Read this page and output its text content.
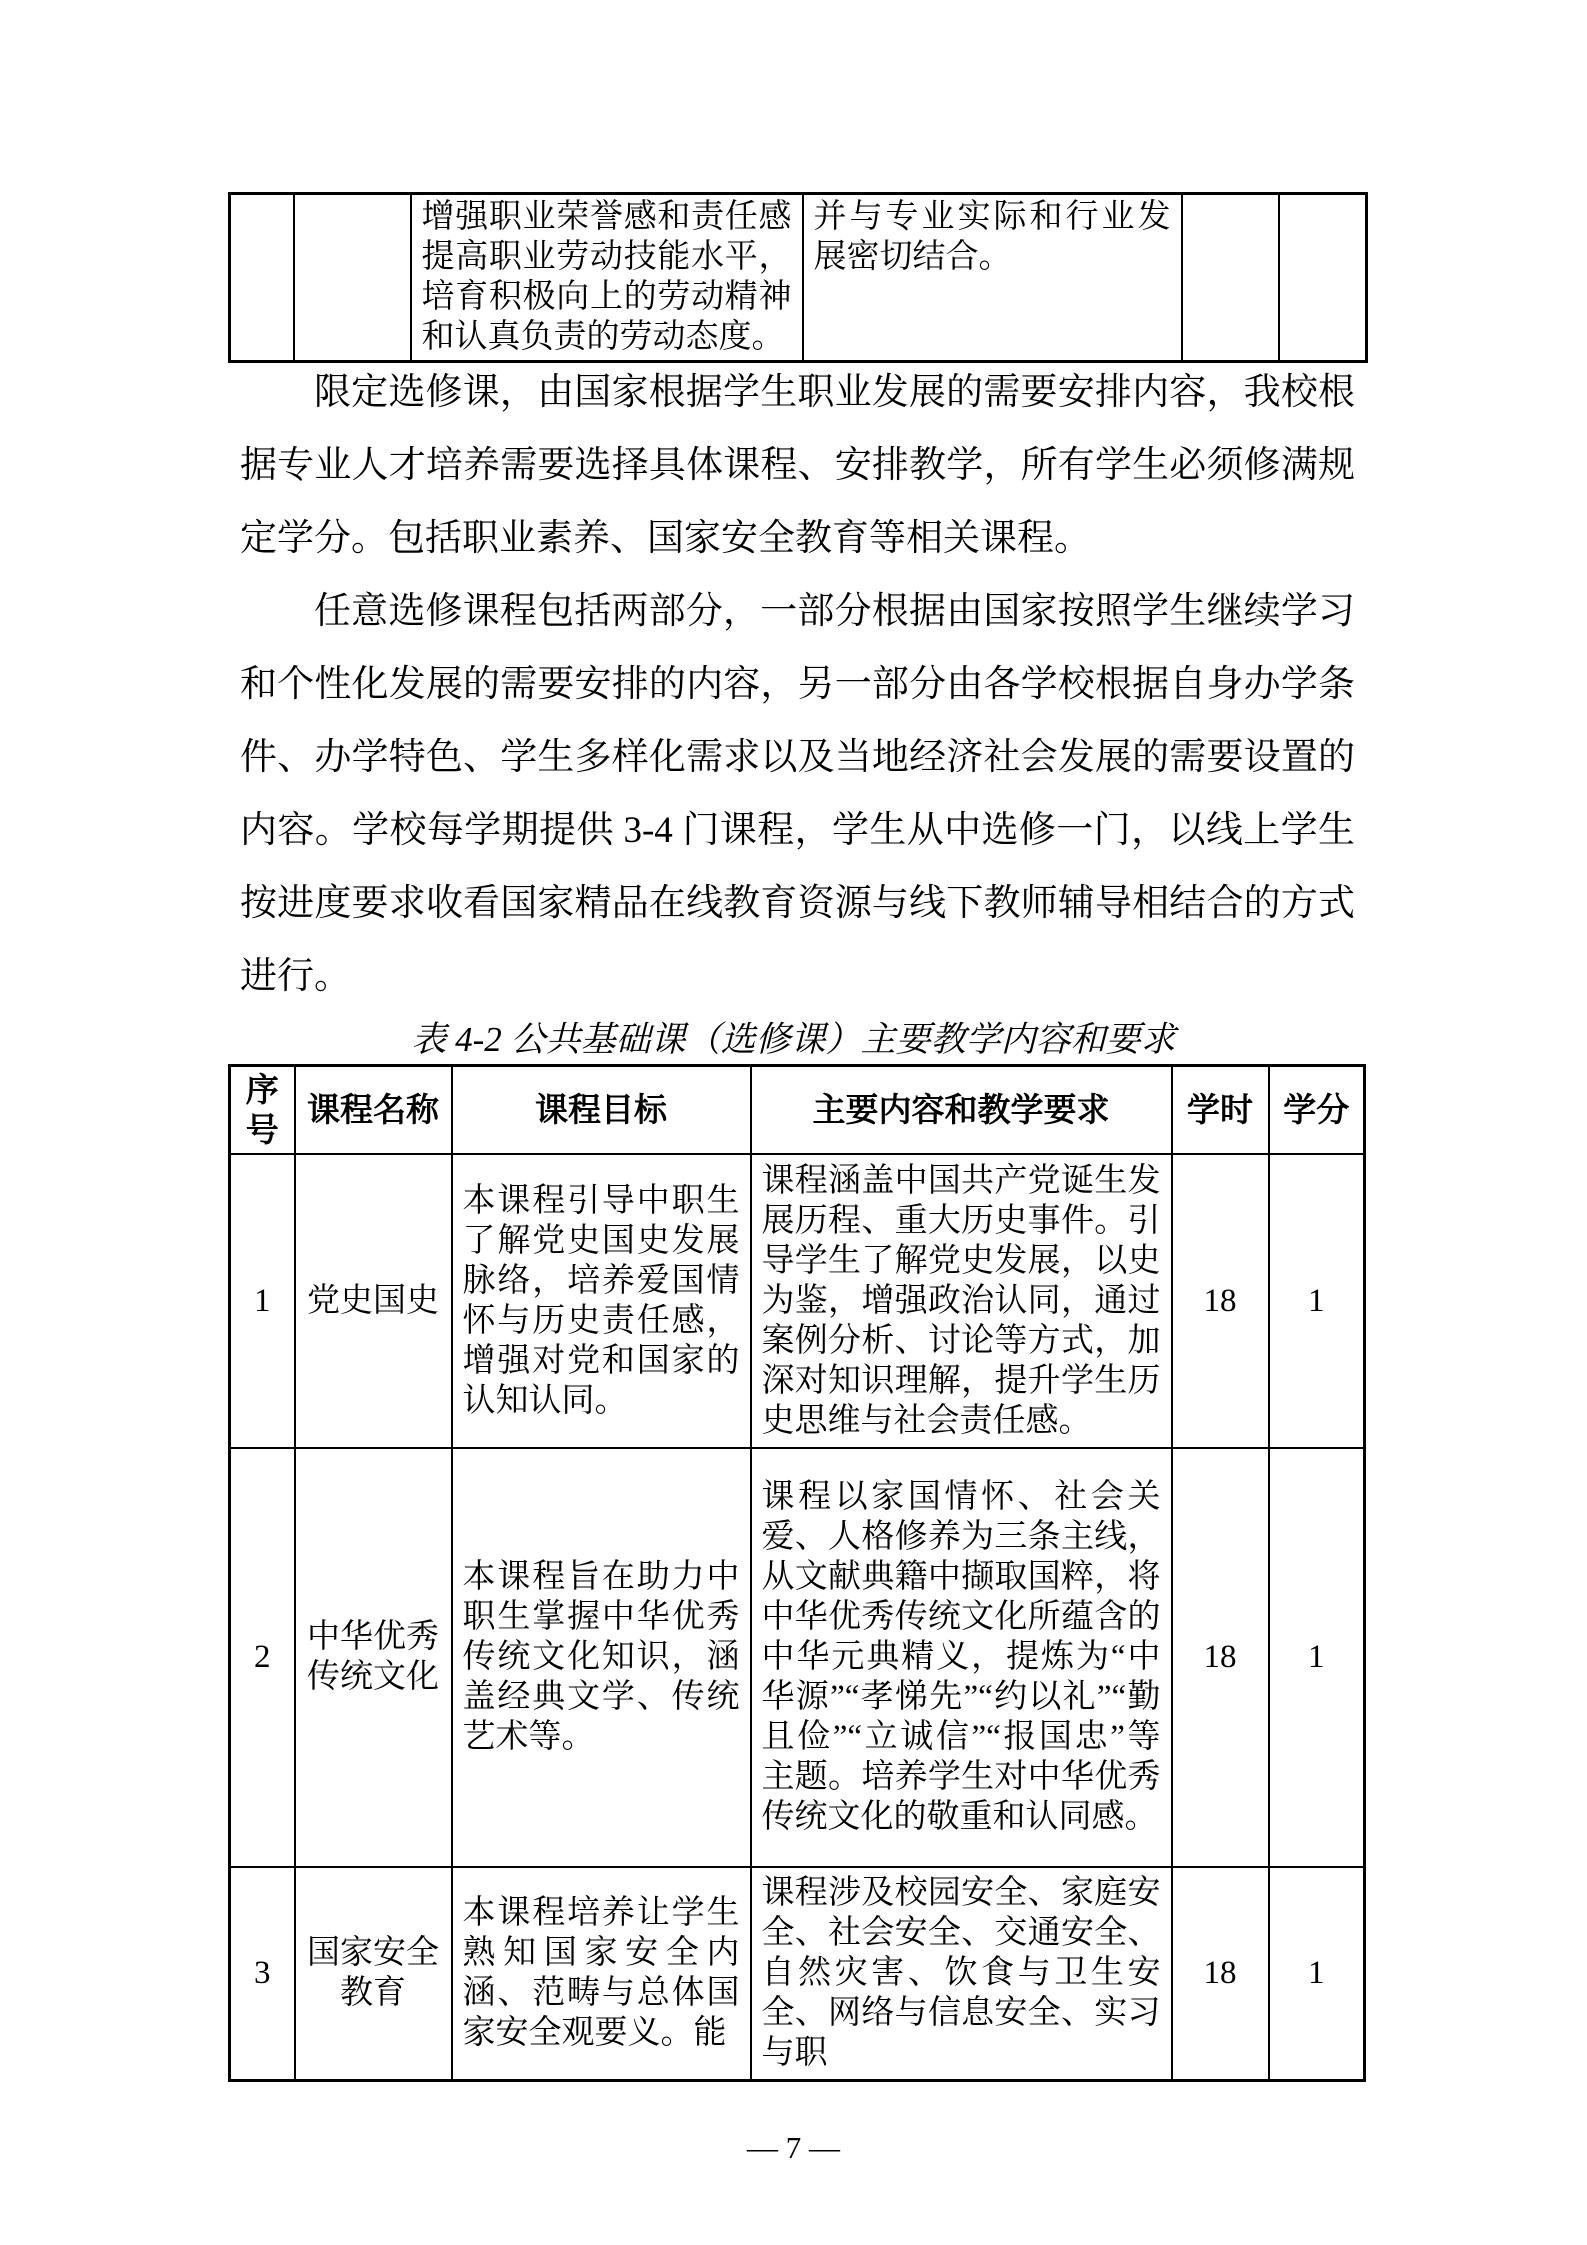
		增强职业荣誉感和责任感提高职业劳动技能水平，培育积极向上的劳动精神和认真负责的劳动态度。	并与专业实际和行业发展密切结合。		

限定选修课，由国家根据学生职业发展的需要安排内容，我校根据专业人才培养需要选择具体课程、安排教学，所有学生必须修满规定学分。包括职业素养、国家安全教育等相关课程。

任意选修课程包括两部分，一部分根据由国家按照学生继续学习和个性化发展的需要安排的内容，另一部分由各学校根据自身办学条件、办学特色、学生多样化需求以及当地经济社会发展的需要设置的内容。学校每学期提供 3-4 门课程，学生从中选修一门，以线上学生按进度要求收看国家精品在线教育资源与线下教师辅导相结合的方式进行。

表 4-2 公共基础课（选修课）主要教学内容和要求
序号	课程名称	课程目标	主要内容和教学要求	学时	学分
1	党史国史	本课程引导中职生了解党史国史发展脉络，培养爱国情怀与历史责任感，增强对党和国家的认知认同。	课程涵盖中国共产党诞生发展历程、重大历史事件。引导学生了解党史发展，以史为鉴，增强政治认同，通过案例分析、讨论等方式，加深对知识理解，提升学生历史思维与社会责任感。	18	1
2	中华优秀传统文化	本课程旨在助力中职生掌握中华优秀传统文化知识，涵盖经典文学、传统艺术等。	课程以家国情怀、社会关爱、人格修养为三条主线，从文献典籍中撷取国粹，将中华优秀传统文化所蕴含的中华元典精义，提炼为“中华源”“孝悌先”“约以礼”“勤且俭”“立诚信”“报国忠”等主题。培养学生对中华优秀传统文化的敬重和认同感。	18	1
3	国家安全教育	本课程培养让学生熟知国家安全内涵、范畴与总体国家安全观要义。能	课程涉及校园安全、家庭安全、社会安全、交通安全、自然灾害、饮食与卫生安全、网络与信息安全、实习与职	18	1
— 7 —
